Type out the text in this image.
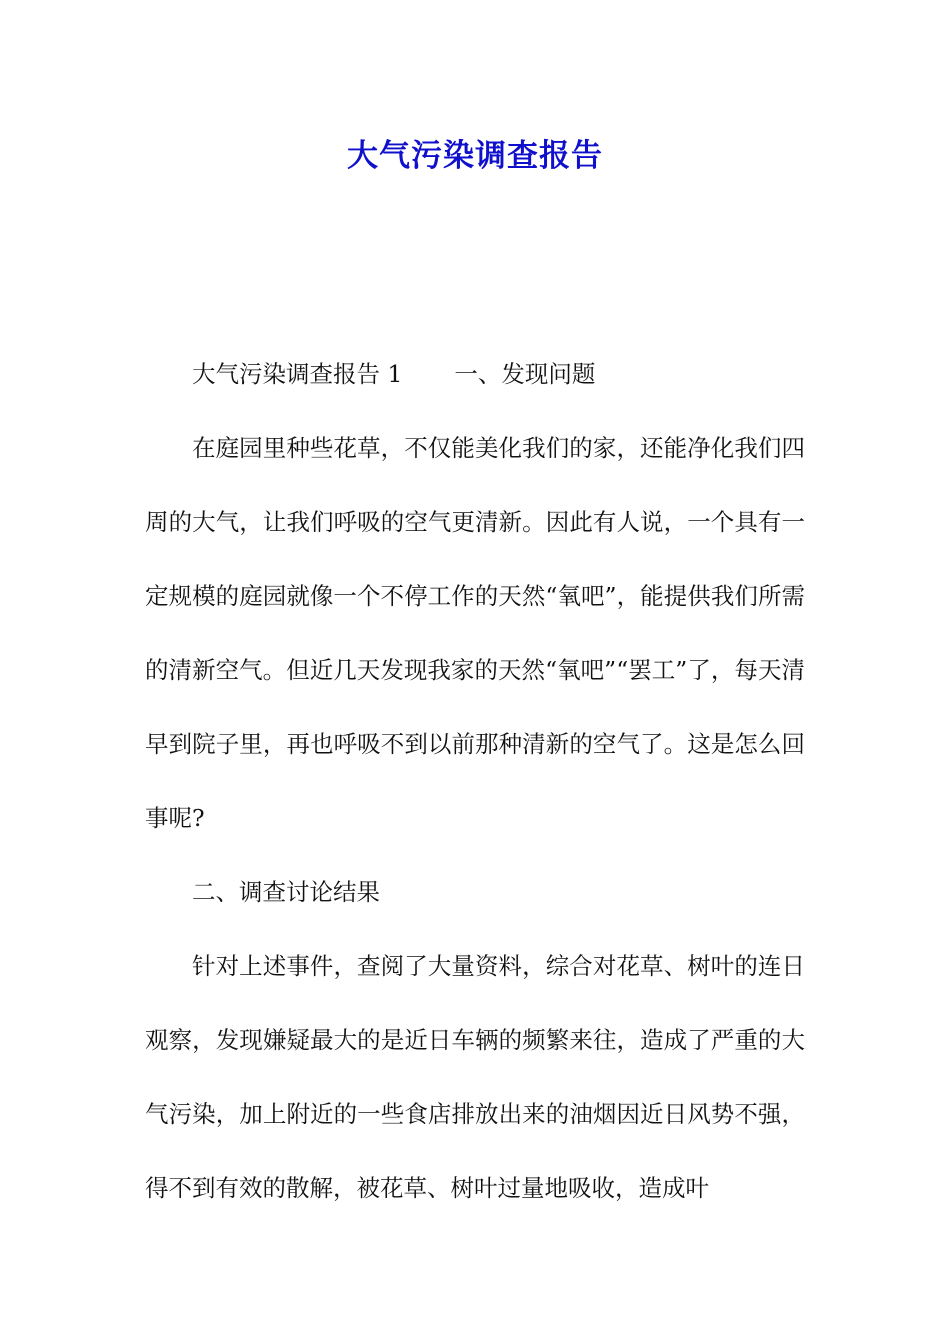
大气污染调查报告

大气污染调查报告 1 一、发现问题

在庭园里种些花草，不仅能美化我们的家，还能净化我们四周的大气，让我们呼吸的空气更清新。因此有人说，一个具有一定规模的庭园就像一个不停工作的天然“氧吧”，能提供我们所需的清新空气。但近几天发现我家的天然“氧吧”“罢工”了，每天清早到院子里，再也呼吸不到以前那种清新的空气了。这是怎么回事呢?

二、调查讨论结果

针对上述事件，查阅了大量资料，综合对花草、树叶的连日观察，发现嫌疑最大的是近日车辆的频繁来往，造成了严重的大气污染，加上附近的一些食店排放出来的油烟因近日风势不强，得不到有效的散解，被花草、树叶过量地吸收，造成叶
